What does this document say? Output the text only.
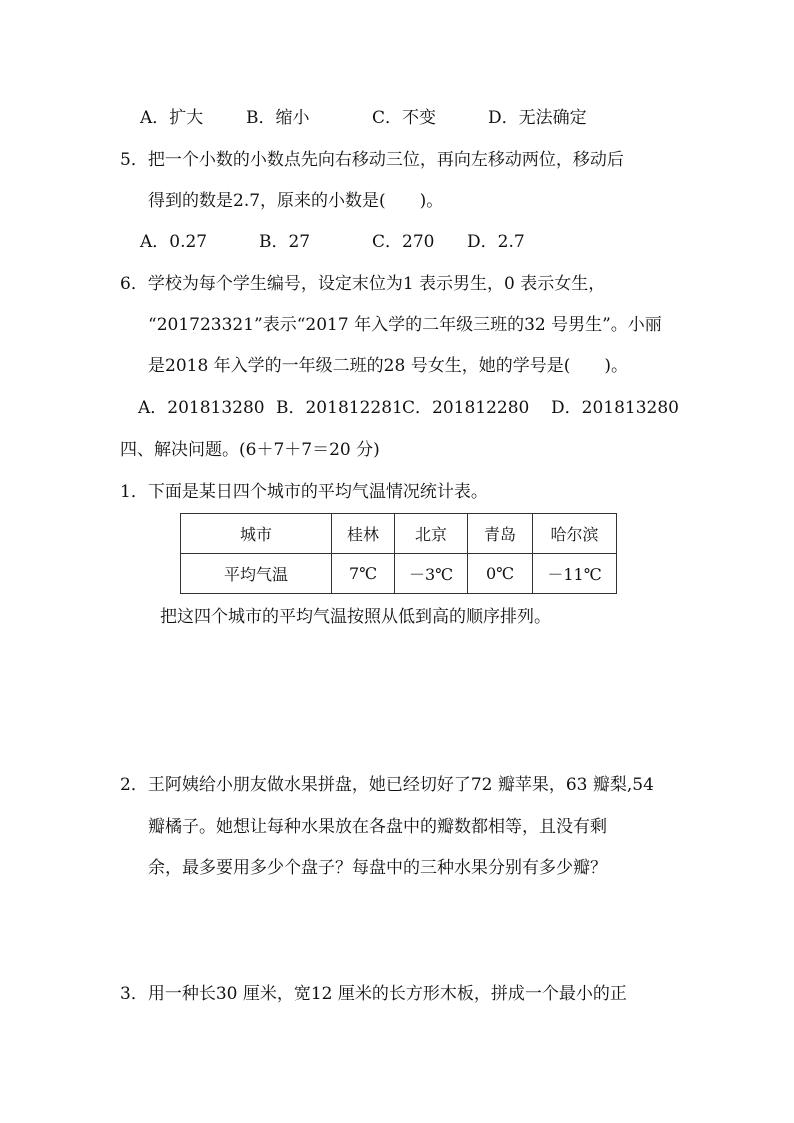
A．扩大	B．缩小	C．不变	D．无法确定
5．把一个小数的小数点先向右移动三位，再向左移动两位，移动后
得到的数是2.7，原来的小数是(　　)。
A．0.27	B．27	C．270 D．2.7
6．学校为每个学生编号，设定末位为1 表示男生，0 表示女生，
“201723321”表示“2017 年入学的二年级三班的32 号男生”。小丽
是2018 年入学的一年级二班的28 号女生，她的学号是(　　)。
A．201813280 B．201812281 C．201812280 D．201813280
四、解决问题。(6＋7＋7＝20 分)
1．下面是某日四个城市的平均气温情况统计表。
城市	桂林	北京	青岛	哈尔滨
平均气温	7℃	－3℃	0℃	－11℃
把这四个城市的平均气温按照从低到高的顺序排列。
2．王阿姨给小朋友做水果拼盘，她已经切好了72 瓣苹果，63 瓣梨,54
瓣橘子。她想让每种水果放在各盘中的瓣数都相等，且没有剩
余，最多要用多少个盘子？每盘中的三种水果分别有多少瓣？
3．用一种长30 厘米，宽12 厘米的长方形木板，拼成一个最小的正
